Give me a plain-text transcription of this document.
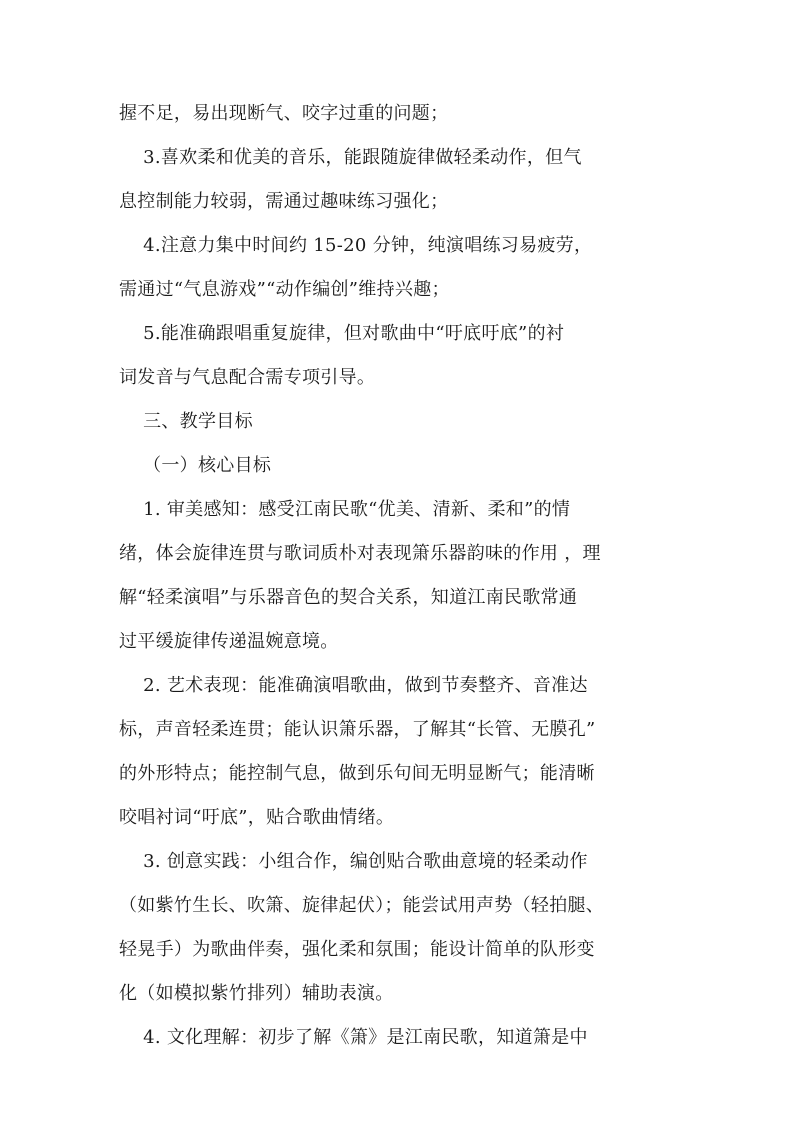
握不足，易出现断气、咬字过重的问题；
3.喜欢柔和优美的音乐，能跟随旋律做轻柔动作，但气
息控制能力较弱，需通过趣味练习强化；
4.注意力集中时间约 15-20 分钟，纯演唱练习易疲劳，
需通过“气息游戏”“动作编创”维持兴趣；
5.能准确跟唱重复旋律，但对歌曲中“吁底吁底”的衬
词发音与气息配合需专项引导。
三、教学目标
（一）核心目标
1. 审美感知：感受江南民歌“优美、清新、柔和”的情
绪，体会旋律连贯与歌词质朴对表现箫乐器韵味的作用 ，理
解“轻柔演唱”与乐器音色的契合关系，知道江南民歌常通
过平缓旋律传递温婉意境。
2. 艺术表现：能准确演唱歌曲，做到节奏整齐、音准达
标，声音轻柔连贯；能认识箫乐器，了解其“长管、无膜孔”
的外形特点；能控制气息，做到乐句间无明显断气；能清晰
咬唱衬词“吁底”，贴合歌曲情绪。
3. 创意实践：小组合作，编创贴合歌曲意境的轻柔动作
（如紫竹生长、吹箫、旋律起伏）；能尝试用声势（轻拍腿、
轻晃手）为歌曲伴奏，强化柔和氛围；能设计简单的队形变
化（如模拟紫竹排列）辅助表演。
4. 文化理解：初步了解《箫》是江南民歌，知道箫是中
